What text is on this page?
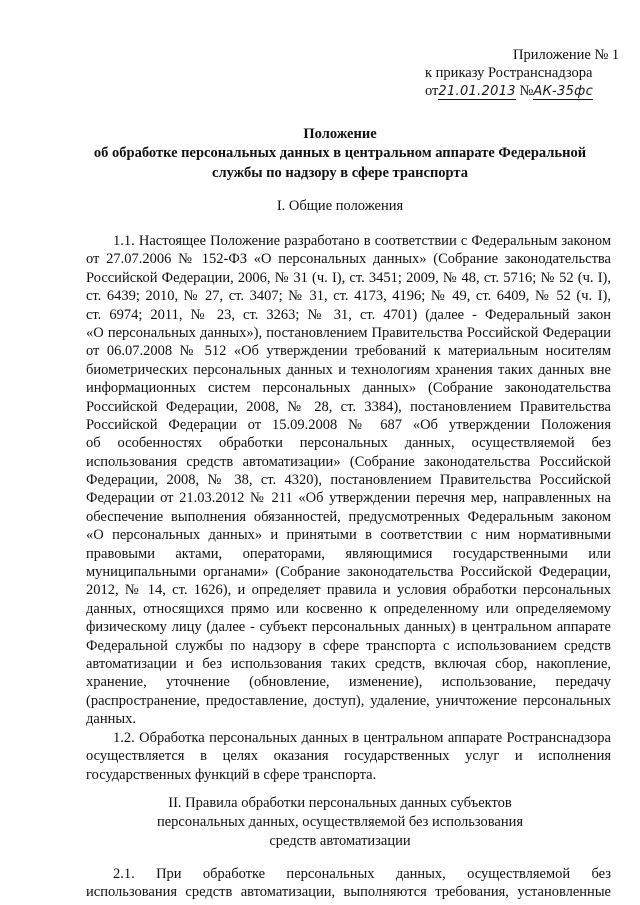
Приложение № 1
к приказу Ространснадзора
от21.01.2013 №АК-35фс
Положение
об обработке персональных данных в центральном аппарате Федеральной
службы по надзору в сфере транспорта
I. Общие положения
1.1. Настоящее Положение разработано в соответствии с Федеральным законом
от 27.07.2006 № 152-ФЗ «О персональных данных» (Собрание законодательства
Российской Федерации, 2006, № 31 (ч. I), ст. 3451; 2009, № 48, ст. 5716; № 52 (ч. I),
ст. 6439; 2010, № 27, ст. 3407; № 31, ст. 4173, 4196; № 49, ст. 6409, № 52 (ч. I),
ст. 6974; 2011, № 23, ст. 3263; № 31, ст. 4701) (далее - Федеральный закон
«О персональных данных»), постановлением Правительства Российской Федерации
от 06.07.2008 № 512 «Об утверждении требований к материальным носителям
биометрических персональных данных и технологиям хранения таких данных вне
информационных систем персональных данных» (Собрание законодательства
Российской Федерации, 2008, № 28, ст. 3384), постановлением Правительства
Российской Федерации от 15.09.2008 № 687 «Об утверждении Положения
об особенностях обработки персональных данных, осуществляемой без
использования средств автоматизации» (Собрание законодательства Российской
Федерации, 2008, № 38, ст. 4320), постановлением Правительства Российской
Федерации от 21.03.2012 № 211 «Об утверждении перечня мер, направленных на
обеспечение выполнения обязанностей, предусмотренных Федеральным законом
«О персональных данных» и принятыми в соответствии с ним нормативными
правовыми актами, операторами, являющимися государственными или
муниципальными органами» (Собрание законодательства Российской Федерации,
2012, № 14, ст. 1626), и определяет правила и условия обработки персональных
данных, относящихся прямо или косвенно к определенному или определяемому
физическому лицу (далее - субъект персональных данных) в центральном аппарате
Федеральной службы по надзору в сфере транспорта с использованием средств
автоматизации и без использования таких средств, включая сбор, накопление,
хранение, уточнение (обновление, изменение), использование, передачу
(распространение, предоставление, доступ), удаление, уничтожение персональных
данных.
1.2. Обработка персональных данных в центральном аппарате Ространснадзора
осуществляется в целях оказания государственных услуг и исполнения
государственных функций в сфере транспорта.
II. Правила обработки персональных данных субъектов
персональных данных, осуществляемой без использования
средств автоматизации
2.1. При обработке персональных данных, осуществляемой без
использования средств автоматизации, выполняются требования, установленные
